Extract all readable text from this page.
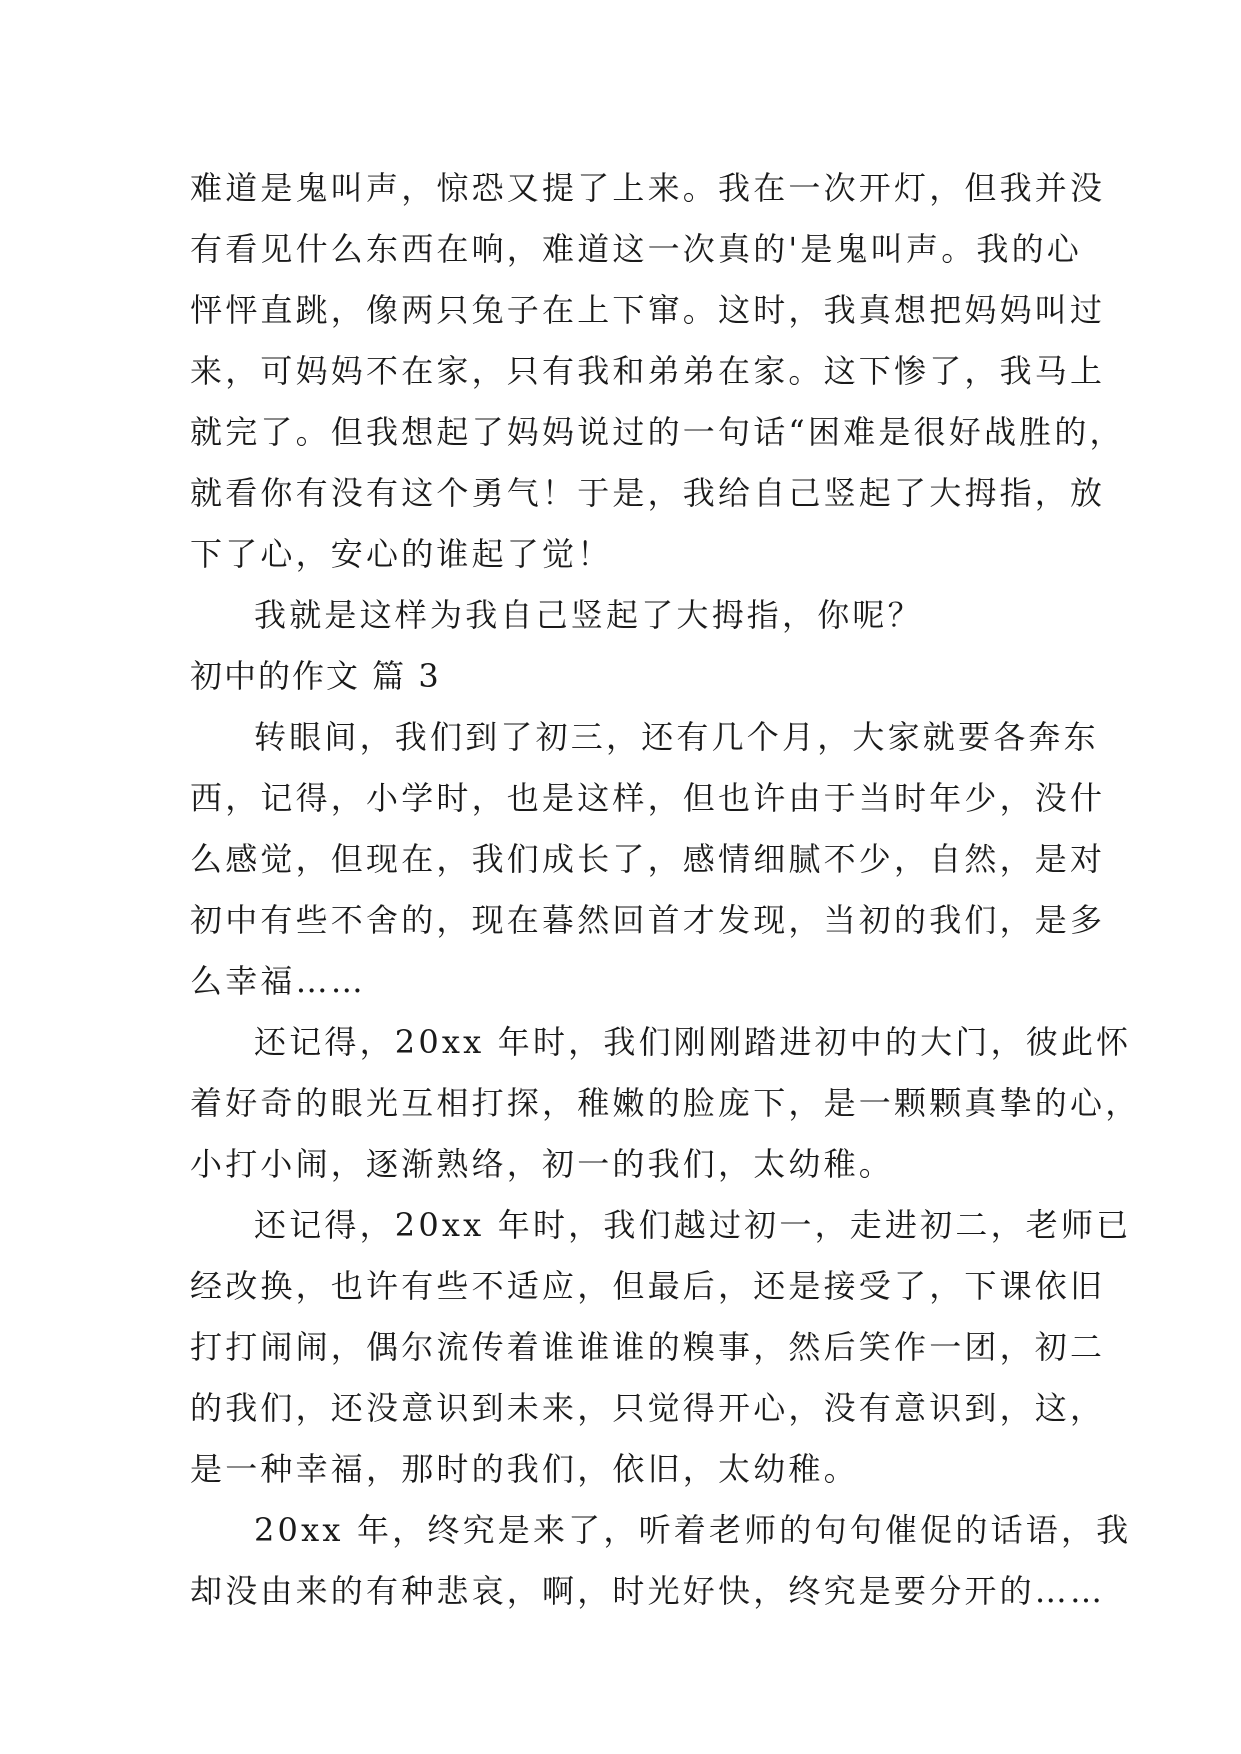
难道是鬼叫声，惊恐又提了上来。我在一次开灯，但我并没
有看见什么东西在响，难道这一次真的'是鬼叫声。我的心
怦怦直跳，像两只兔子在上下窜。这时，我真想把妈妈叫过
来，可妈妈不在家，只有我和弟弟在家。这下惨了，我马上
就完了。但我想起了妈妈说过的一句话“困难是很好战胜的，
就看你有没有这个勇气！于是，我给自己竖起了大拇指，放
下了心，安心的谁起了觉！
我就是这样为我自己竖起了大拇指，你呢？
初中的作文 篇 3
转眼间，我们到了初三，还有几个月，大家就要各奔东
西，记得，小学时，也是这样，但也许由于当时年少，没什
么感觉，但现在，我们成长了，感情细腻不少，自然，是对
初中有些不舍的，现在暮然回首才发现，当初的我们，是多
么幸福……
还记得，20xx 年时，我们刚刚踏进初中的大门，彼此怀
着好奇的眼光互相打探，稚嫩的脸庞下，是一颗颗真挚的心，
小打小闹，逐渐熟络，初一的我们，太幼稚。
还记得，20xx 年时，我们越过初一，走进初二，老师已
经改换，也许有些不适应，但最后，还是接受了，下课依旧
打打闹闹，偶尔流传着谁谁谁的糗事，然后笑作一团，初二
的我们，还没意识到未来，只觉得开心，没有意识到，这，
是一种幸福，那时的我们，依旧，太幼稚。
20xx 年，终究是来了，听着老师的句句催促的话语，我
却没由来的有种悲哀，啊，时光好快，终究是要分开的……
